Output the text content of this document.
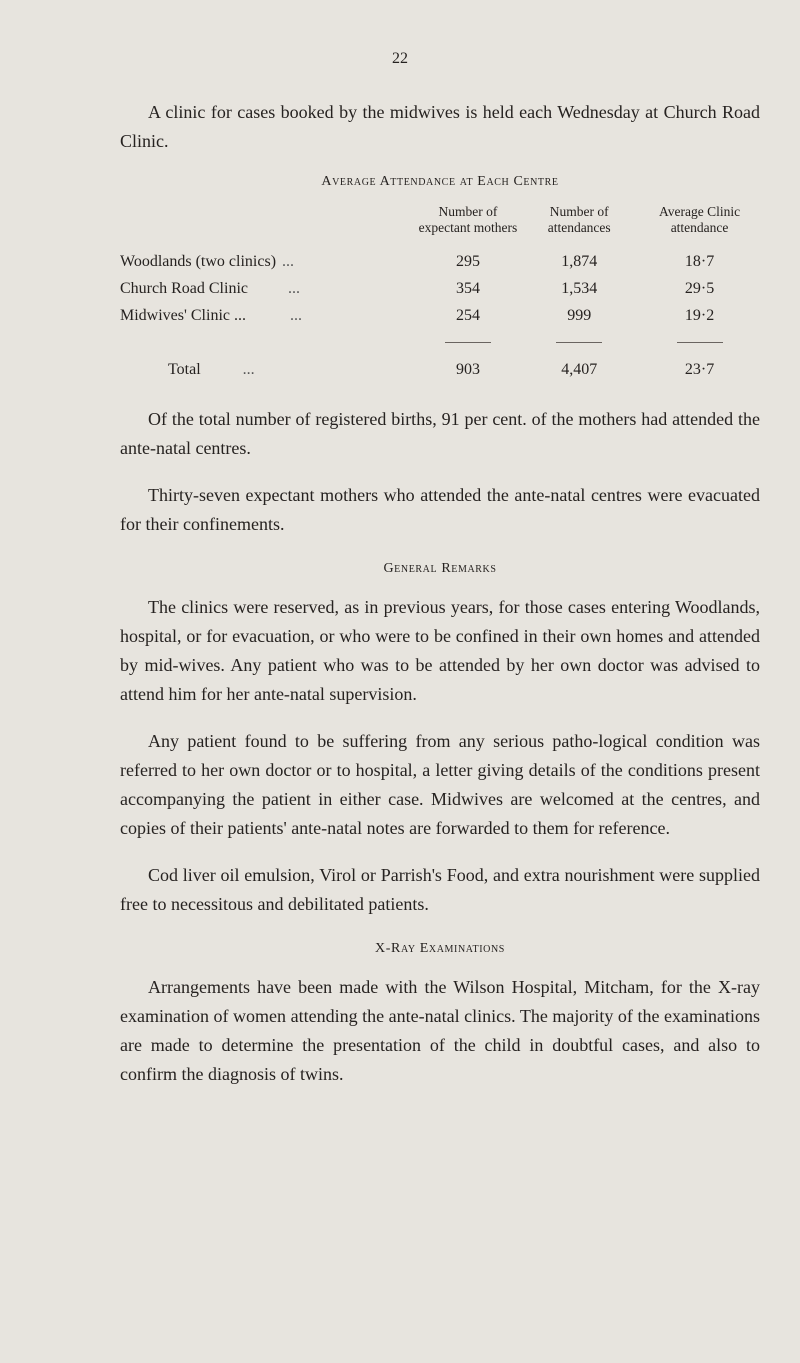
22

A clinic for cases booked by the midwives is held each Wednesday at Church Road Clinic.

Average Attendance at Each Centre
	Number of expectant mothers	Number of attendances	Average Clinic attendance
Woodlands (two clinics) ...	295	1,874	18·7
Church Road Clinic ...	354	1,534	29·5
Midwives' Clinic ... ...	254	999	19·2

Total ...	903	4,407	23·7

Of the total number of registered births, 91 per cent. of the mothers had attended the ante-natal centres.

Thirty-seven expectant mothers who attended the ante-natal centres were evacuated for their confinements.

General Remarks

The clinics were reserved, as in previous years, for those cases entering Woodlands, hospital, or for evacuation, or who were to be confined in their own homes and attended by mid-wives. Any patient who was to be attended by her own doctor was advised to attend him for her ante-natal supervision.

Any patient found to be suffering from any serious patho-logical condition was referred to her own doctor or to hospital, a letter giving details of the conditions present accompanying the patient in either case. Midwives are welcomed at the centres, and copies of their patients' ante-natal notes are forwarded to them for reference.

Cod liver oil emulsion, Virol or Parrish's Food, and extra nourishment were supplied free to necessitous and debilitated patients.

X-Ray Examinations

Arrangements have been made with the Wilson Hospital, Mitcham, for the X-ray examination of women attending the ante-natal clinics. The majority of the examinations are made to determine the presentation of the child in doubtful cases, and also to confirm the diagnosis of twins.
